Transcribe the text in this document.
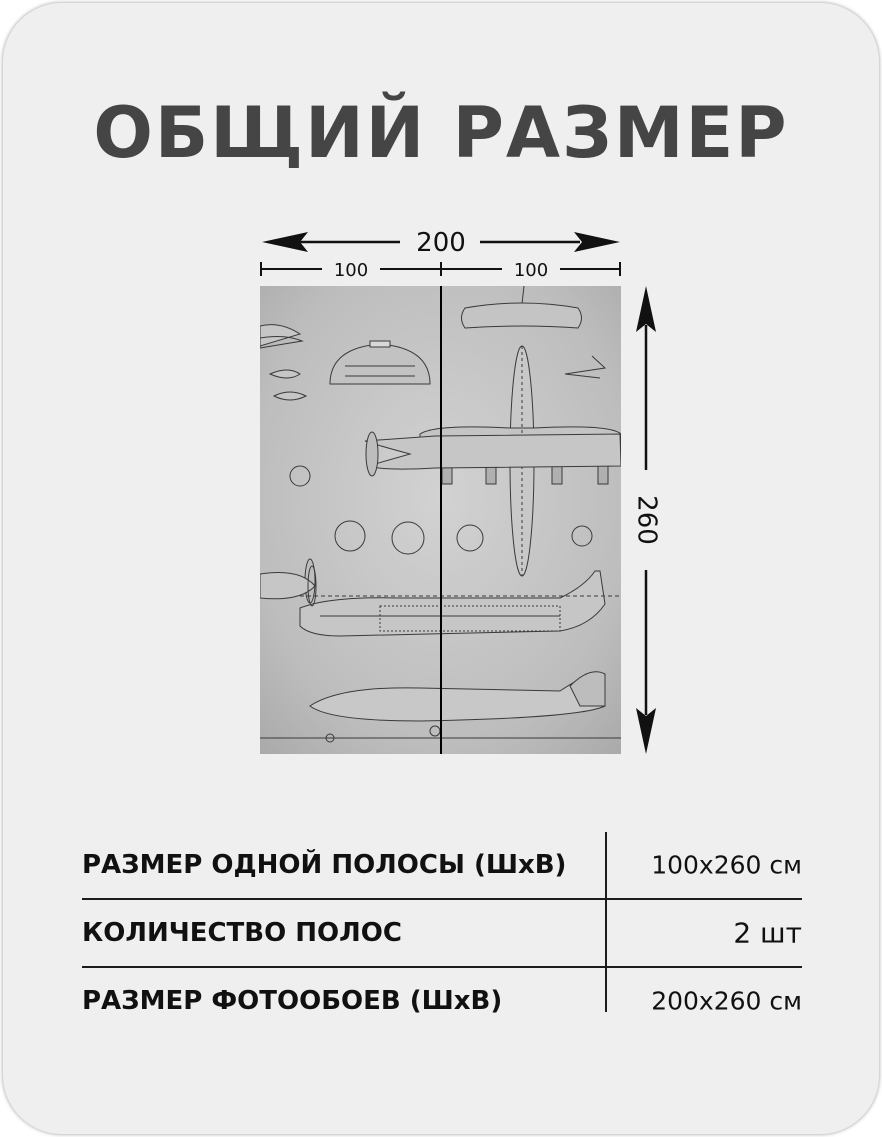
ОБЩИЙ РАЗМЕР
200
100	100
260
РАЗМЕР ОДНОЙ ПОЛОСЫ (ШхВ)	100х260 см
КОЛИЧЕСТВО ПОЛОС	2 шт
РАЗМЕР ФОТООБОЕВ (ШхВ)	200х260 см
